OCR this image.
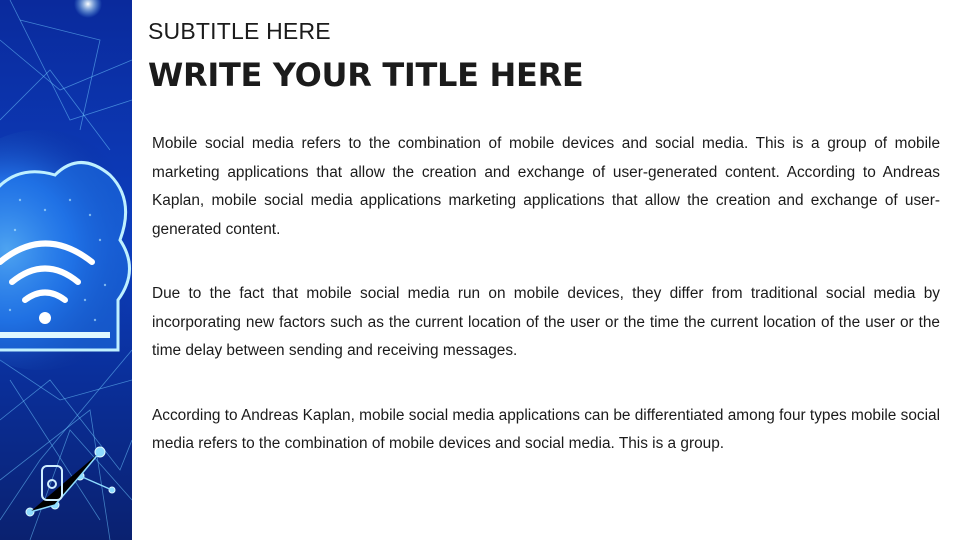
SUBTITLE HERE
WRITE YOUR TITLE HERE

Mobile social media refers to the combination of mobile devices and social media. This is a group of mobile marketing applications that allow the creation and exchange of user-generated content. According to Andreas Kaplan, mobile social media applications marketing applications that allow the creation and exchange of user-generated content.

Due to the fact that mobile social media run on mobile devices, they differ from traditional social media by incorporating new factors such as the current location of the user or the time the current location of the user or the time delay between sending and receiving messages.

According to Andreas Kaplan, mobile social media applications can be differentiated among four types mobile social media refers to the combination of mobile devices and social media. This is a group.
